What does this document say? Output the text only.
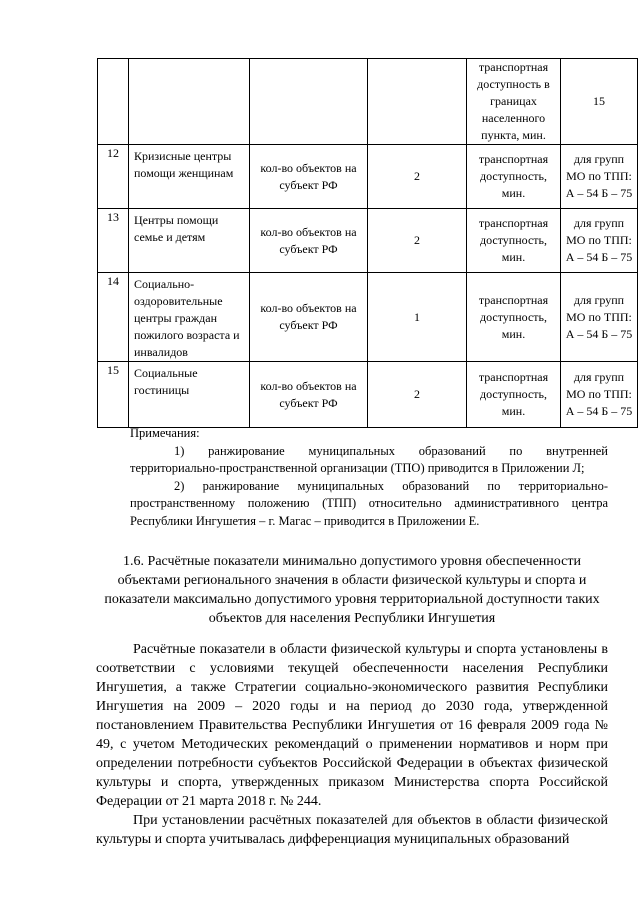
				транспортная доступность в границах населенного пункта, мин.	15
12	Кризисные центры помощи женщинам	кол-во объектов на субъект РФ	2	транспортная доступность, мин.	для групп МО по ТПП: А – 54 Б – 75
13	Центры помощи семье и детям	кол-во объектов на субъект РФ	2	транспортная доступность, мин.	для групп МО по ТПП: А – 54 Б – 75
14	Социально-оздоровительные центры граждан пожилого возраста и инвалидов	кол-во объектов на субъект РФ	1	транспортная доступность, мин.	для групп МО по ТПП: А – 54 Б – 75
15	Социальные гостиницы	кол-во объектов на субъект РФ	2	транспортная доступность, мин.	для групп МО по ТПП: А – 54 Б – 75
Примечания:
1) ранжирование муниципальных образований по внутренней
территориально-пространственной организации (ТПО) приводится в Приложении Л;
2) ранжирование муниципальных образований по территориально-
пространственному положению (ТПП) относительно административного центра
Республики Ингушетия – г. Магас – приводится в Приложении Е.
1.6. Расчётные показатели минимально допустимого уровня обеспеченности объектами регионального значения в области физической культуры и спорта и показатели максимально допустимого уровня территориальной доступности таких объектов для населения Республики Ингушетия

Расчётные показатели в области физической культуры и спорта установлены в соответствии с условиями текущей обеспеченности населения Республики Ингушетия, а также Стратегии социально-экономического развития Республики Ингушетия на 2009 – 2020 годы и на период до 2030 года, утвержденной постановлением Правительства Республики Ингушетия от 16 февраля 2009 года № 49, с учетом Методических рекомендаций о применении нормативов и норм при определении потребности субъектов Российской Федерации в объектах физической культуры и спорта, утвержденных приказом Министерства спорта Российской Федерации от 21 марта 2018 г. № 244.

При установлении расчётных показателей для объектов в области физической культуры и спорта учитывалась дифференциация муниципальных образований
